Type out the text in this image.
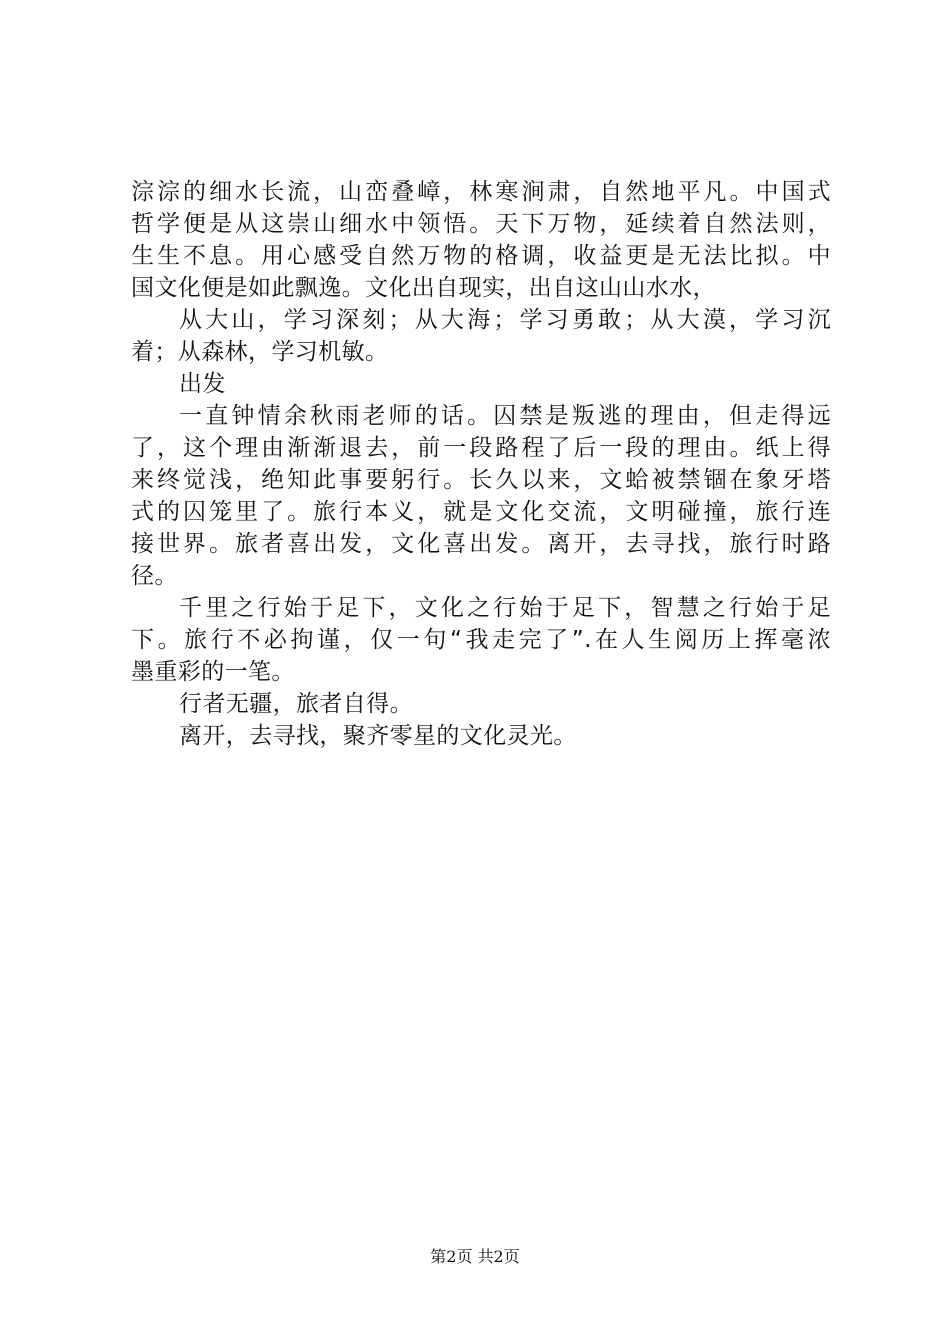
淙淙的细水长流，山峦叠嶂，林寒涧肃，自然地平凡。中国式
哲学便是从这崇山细水中领悟。天下万物，延续着自然法则，
生生不息。用心感受自然万物的格调，收益更是无法比拟。中
国文化便是如此飘逸。文化出自现实，出自这山山水水，
从大山，学习深刻；从大海；学习勇敢；从大漠，学习沉
着；从森林，学习机敏。
出发
一直钟情余秋雨老师的话。囚禁是叛逃的理由，但走得远
了，这个理由渐渐退去，前一段路程了后一段的理由。纸上得
来终觉浅，绝知此事要躬行。长久以来，文蛤被禁锢在象牙塔
式的囚笼里了。旅行本义，就是文化交流，文明碰撞，旅行连
接世界。旅者喜出发，文化喜出发。离开，去寻找，旅行时路
径。
千里之行始于足下，文化之行始于足下，智慧之行始于足
下。旅行不必拘谨，仅一句“我走完了”.在人生阅历上挥毫浓
墨重彩的一笔。
行者无疆，旅者自得。
离开，去寻找，聚齐零星的文化灵光。
第2页 共2页
